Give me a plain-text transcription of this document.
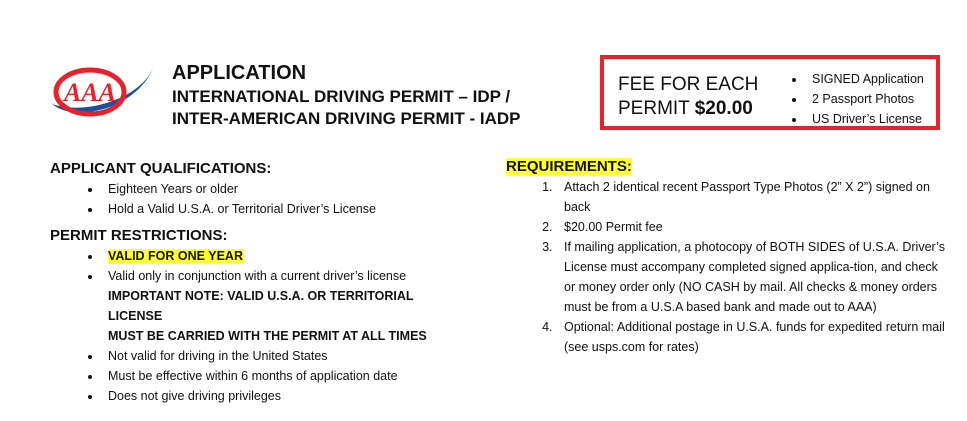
AAA
APPLICATION
INTERNATIONAL DRIVING PERMIT – IDP /
INTER-AMERICAN DRIVING PERMIT - IADP
FEE FOR EACH
PERMIT $20.00
• SIGNED Application
• 2 Passport Photos
• US Driver’s License
APPLICANT QUALIFICATIONS:
• Eighteen Years or older
• Hold a Valid U.S.A. or Territorial Driver’s License
PERMIT RESTRICTIONS:
• VALID FOR ONE YEAR
• Valid only in conjunction with a current driver’s license
IMPORTANT NOTE: VALID U.S.A. OR TERRITORIAL LICENSE
MUST BE CARRIED WITH THE PERMIT AT ALL TIMES
• Not valid for driving in the United States
• Must be effective within 6 months of application date
• Does not give driving privileges
REQUIREMENTS:
1. Attach 2 identical recent Passport Type Photos (2” X 2”) signed on back
2. $20.00 Permit fee
3. If mailing application, a photocopy of BOTH SIDES of U.S.A. Driver’s License must accompany completed signed applica-tion, and check or money order only (NO CASH by mail. All checks & money orders must be from a U.S.A based bank and made out to AAA)
4. Optional: Additional postage in U.S.A. funds for expedited return mail (see usps.com for rates)
